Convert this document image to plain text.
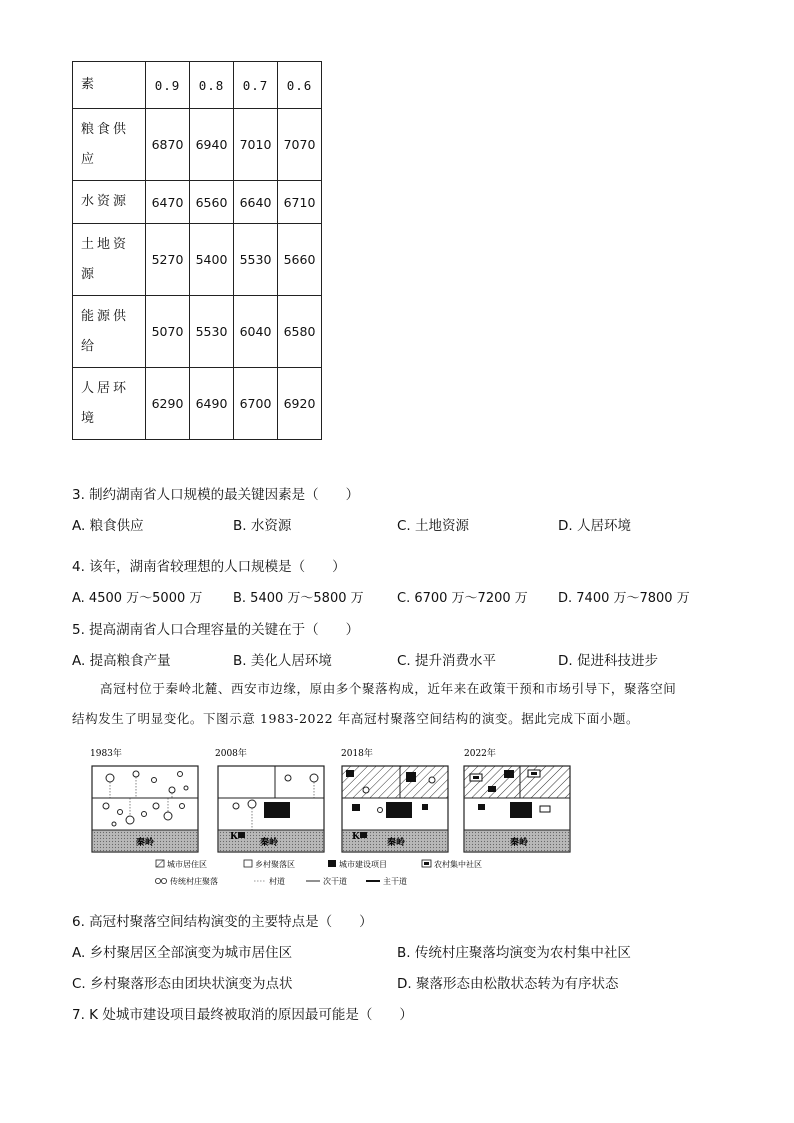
素	0.9	0.8	0.7	0.6

粮食供
应	6870	6940	7010	7070
水资源	6470	6560	6640	6710

土地资
源	5270	5400	5530	5660

能源供
给	5070	5530	6040	6580

人居环
境	6290	6490	6700	6920
3. 制约湖南省人口规模的最关键因素是（　　）
A. 粮食供应	B. 水资源	C. 土地资源	D. 人居环境
4. 该年，湖南省较理想的人口规模是（　　）
A. 4500 万～5000 万 B. 5400 万～5800 万	C. 6700 万～7200 万 D. 7400 万～7800 万
5. 提高湖南省人口合理容量的关键在于（　　）
A. 提高粮食产量	B. 美化人居环境	C. 提升消费水平	D. 促进科技进步
高冠村位于秦岭北麓、西安市边缘，原由多个聚落构成，近年来在政策干预和市场引导下，聚落空间
结构发生了明显变化。下图示意 1983-2022 年高冠村聚落空间结构的演变。据此完成下面小题。
1983年	2008年	2018年	2022年
秦岭	秦岭
K
秦岭
K
秦岭
城市居住区	乡村聚落区	城市建设项目	农村集中社区
传统村庄聚落	村道	次干道	主干道
6. 高冠村聚落空间结构演变的主要特点是（　　）
A. 乡村聚居区全部演变为城市居住区	B. 传统村庄聚落均演变为农村集中社区
C. 乡村聚落形态由团块状演变为点状	D. 聚落形态由松散状态转为有序状态
7. K 处城市建设项目最终被取消的原因最可能是（　　）
